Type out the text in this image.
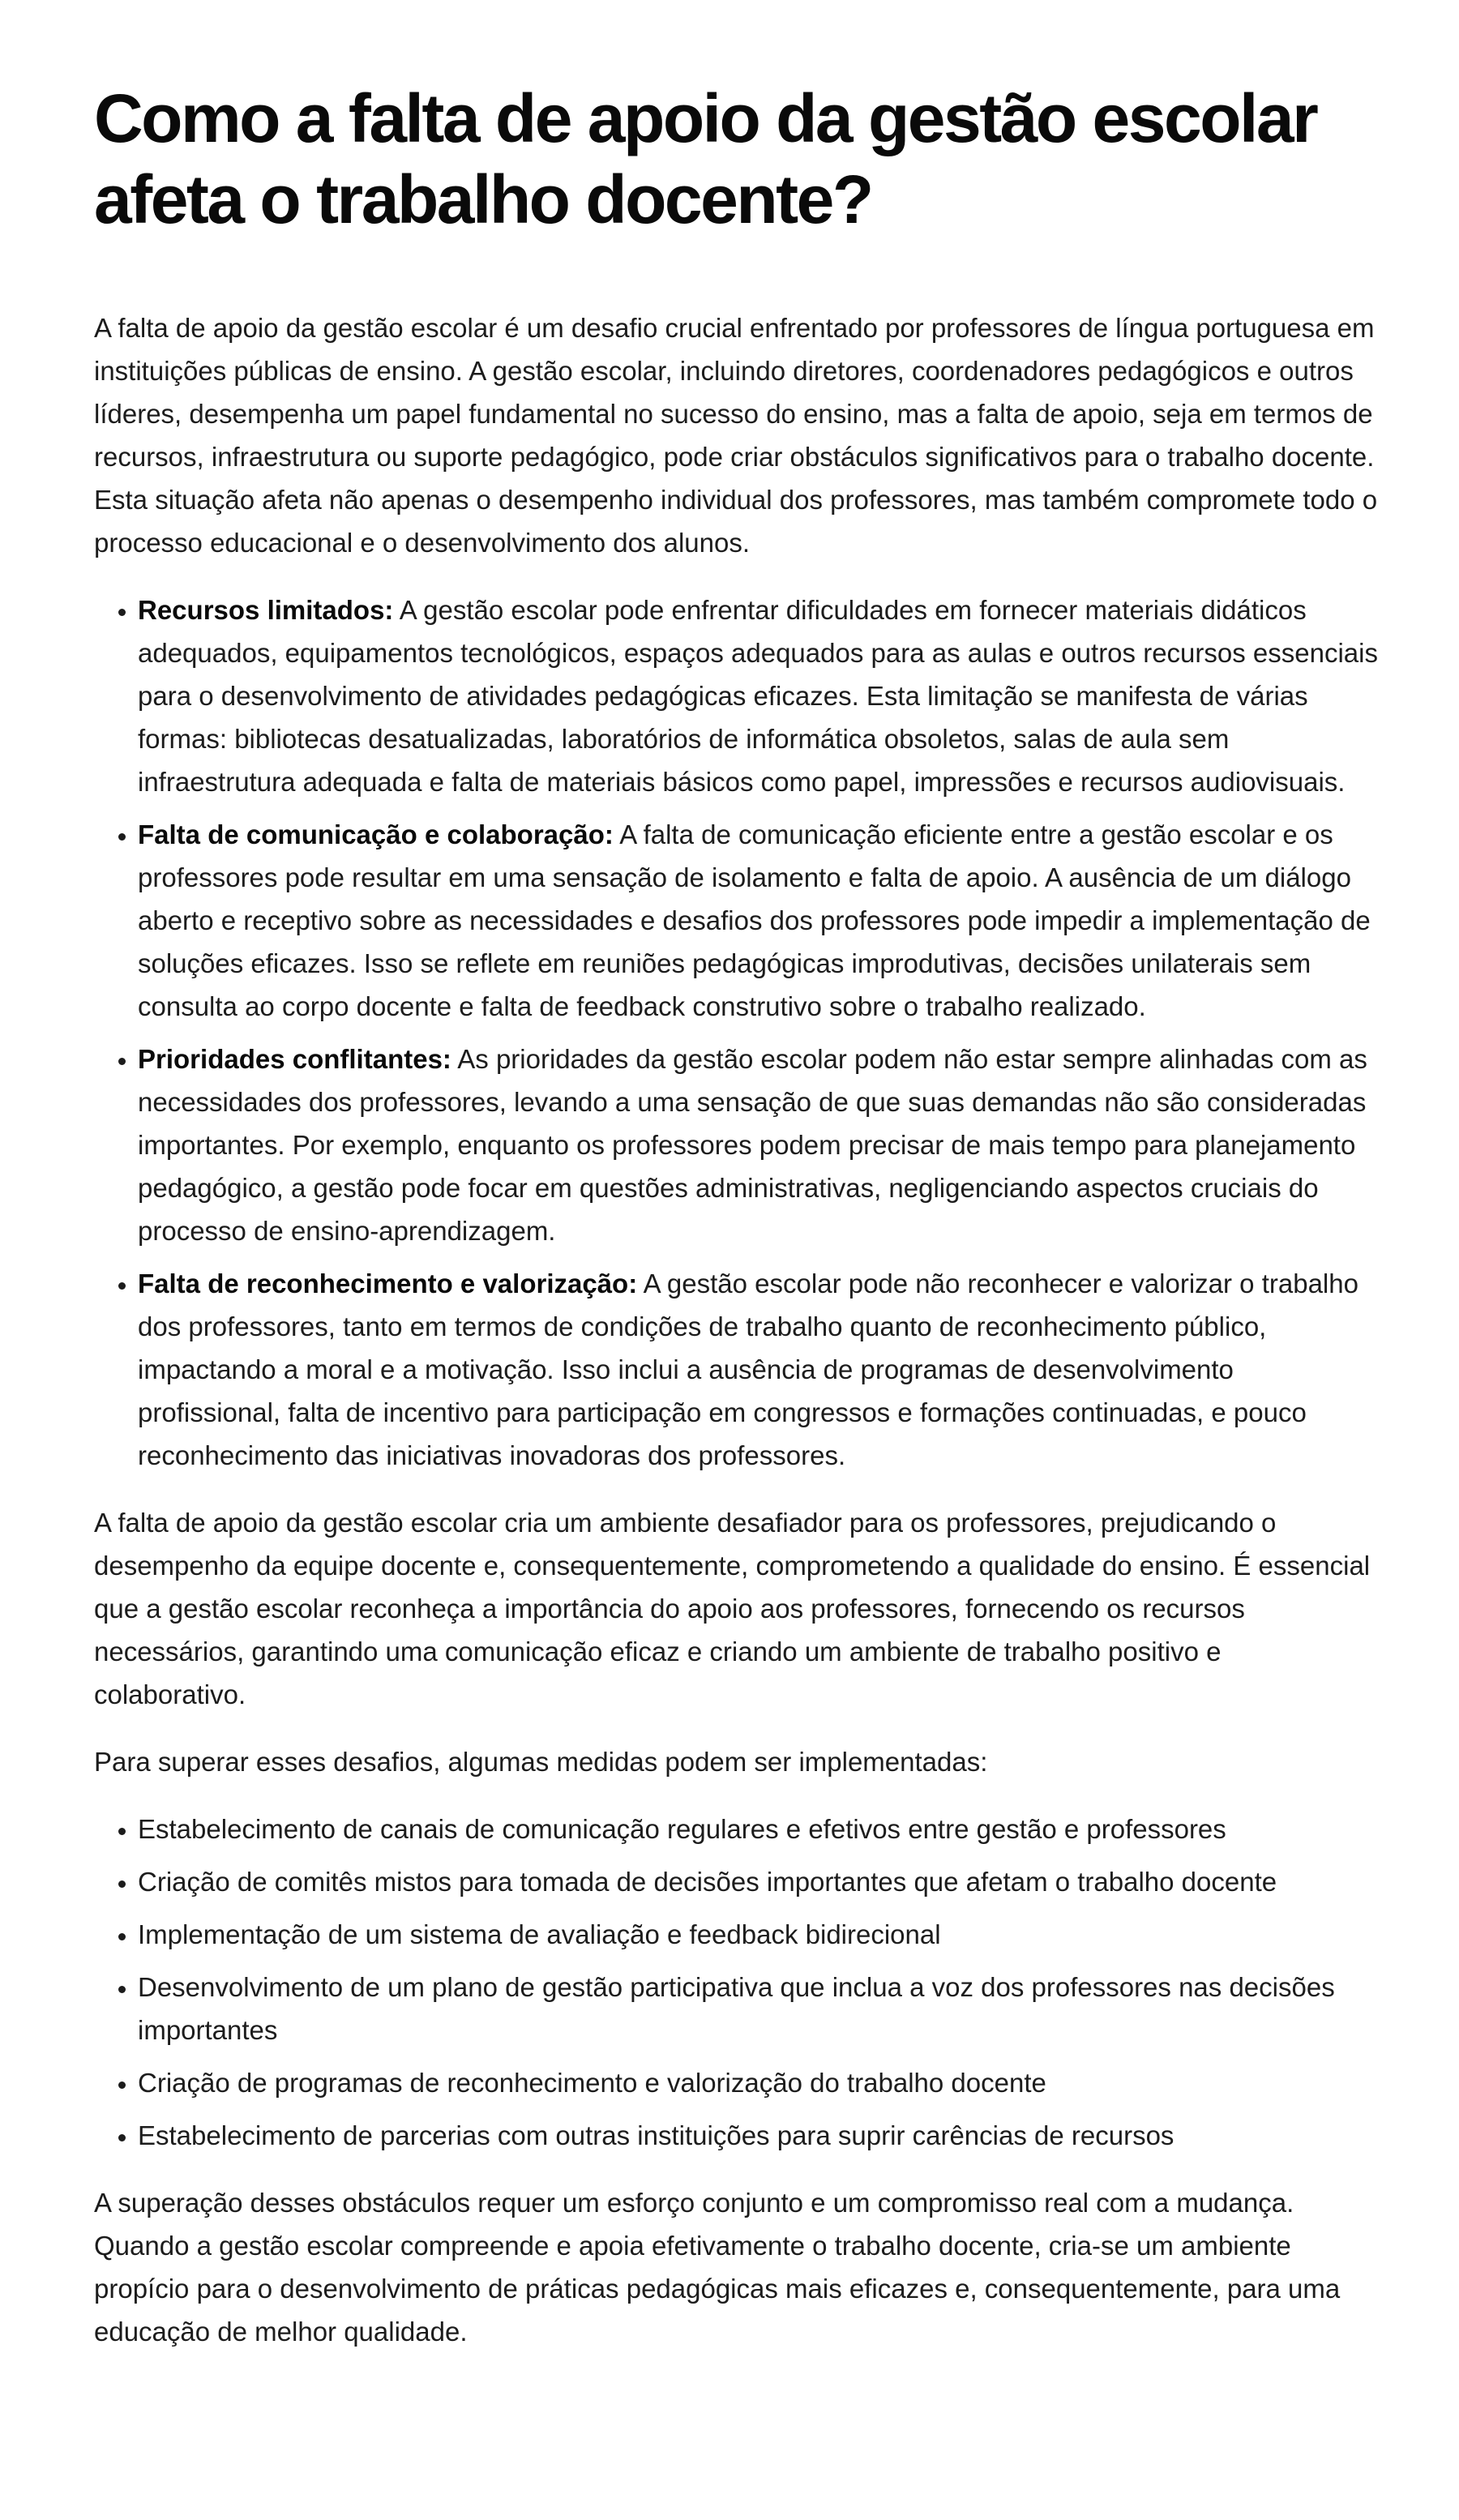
Como a falta de apoio da gestão escolar afeta o trabalho docente?

A falta de apoio da gestão escolar é um desafio crucial enfrentado por professores de língua portuguesa em instituições públicas de ensino. A gestão escolar, incluindo diretores, coordenadores pedagógicos e outros líderes, desempenha um papel fundamental no sucesso do ensino, mas a falta de apoio, seja em termos de recursos, infraestrutura ou suporte pedagógico, pode criar obstáculos significativos para o trabalho docente. Esta situação afeta não apenas o desempenho individual dos professores, mas também compromete todo o processo educacional e o desenvolvimento dos alunos.

• Recursos limitados: A gestão escolar pode enfrentar dificuldades em fornecer materiais didáticos adequados, equipamentos tecnológicos, espaços adequados para as aulas e outros recursos essenciais para o desenvolvimento de atividades pedagógicas eficazes. Esta limitação se manifesta de várias formas: bibliotecas desatualizadas, laboratórios de informática obsoletos, salas de aula sem infraestrutura adequada e falta de materiais básicos como papel, impressões e recursos audiovisuais.
• Falta de comunicação e colaboração: A falta de comunicação eficiente entre a gestão escolar e os professores pode resultar em uma sensação de isolamento e falta de apoio. A ausência de um diálogo aberto e receptivo sobre as necessidades e desafios dos professores pode impedir a implementação de soluções eficazes. Isso se reflete em reuniões pedagógicas improdutivas, decisões unilaterais sem consulta ao corpo docente e falta de feedback construtivo sobre o trabalho realizado.
• Prioridades conflitantes: As prioridades da gestão escolar podem não estar sempre alinhadas com as necessidades dos professores, levando a uma sensação de que suas demandas não são consideradas importantes. Por exemplo, enquanto os professores podem precisar de mais tempo para planejamento pedagógico, a gestão pode focar em questões administrativas, negligenciando aspectos cruciais do processo de ensino-aprendizagem.
• Falta de reconhecimento e valorização: A gestão escolar pode não reconhecer e valorizar o trabalho dos professores, tanto em termos de condições de trabalho quanto de reconhecimento público, impactando a moral e a motivação. Isso inclui a ausência de programas de desenvolvimento profissional, falta de incentivo para participação em congressos e formações continuadas, e pouco reconhecimento das iniciativas inovadoras dos professores.

A falta de apoio da gestão escolar cria um ambiente desafiador para os professores, prejudicando o desempenho da equipe docente e, consequentemente, comprometendo a qualidade do ensino. É essencial que a gestão escolar reconheça a importância do apoio aos professores, fornecendo os recursos necessários, garantindo uma comunicação eficaz e criando um ambiente de trabalho positivo e colaborativo.

Para superar esses desafios, algumas medidas podem ser implementadas:

• Estabelecimento de canais de comunicação regulares e efetivos entre gestão e professores
• Criação de comitês mistos para tomada de decisões importantes que afetam o trabalho docente
• Implementação de um sistema de avaliação e feedback bidirecional
• Desenvolvimento de um plano de gestão participativa que inclua a voz dos professores nas decisões importantes
• Criação de programas de reconhecimento e valorização do trabalho docente
• Estabelecimento de parcerias com outras instituições para suprir carências de recursos

A superação desses obstáculos requer um esforço conjunto e um compromisso real com a mudança. Quando a gestão escolar compreende e apoia efetivamente o trabalho docente, cria-se um ambiente propício para o desenvolvimento de práticas pedagógicas mais eficazes e, consequentemente, para uma educação de melhor qualidade.
